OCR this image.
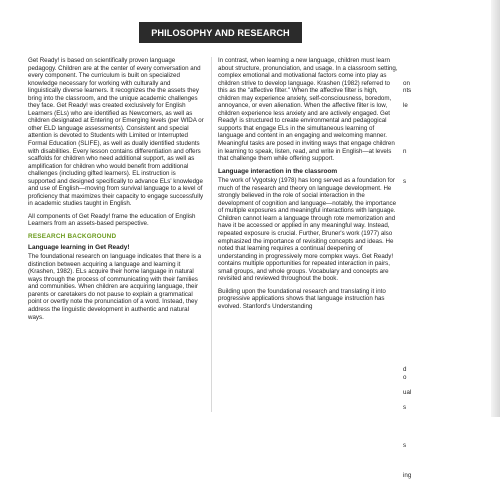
PHILOSOPHY AND RESEARCH

Get Ready! is based on scientifically proven language pedagogy. Children are at the center of every conversation and every component. The curriculum is built on specialized knowledge necessary for working with culturally and linguistically diverse learners. It recognizes the the assets they bring into the classroom, and the unique academic challenges they face. Get Ready! was created exclusively for English Learners (ELs) who are identified as Newcomers, as well as children designated at Entering or Emerging levels (per WIDA or other ELD language assessments). Consistent and special attention is devoted to Students with Limited or Interrupted Formal Education (SLIFE), as well as dually identified students with disabilities. Every lesson contains differentiation and offers scaffolds for children who need additional support, as well as amplification for children who would benefit from additional challenges (including gifted learners). EL instruction is supported and designed specifically to advance ELs' knowledge and use of English—moving from survival language to a level of proficiency that maximizes their capacity to engage successfully in academic studies taught in English.

All components of Get Ready! frame the education of English Learners from an assets-based perspective.

RESEARCH BACKGROUND
Language learning in Get Ready!

The foundational research on language indicates that there is a distinction between acquiring a language and learning it (Krashen, 1982). ELs acquire their home language in natural ways through the process of communicating with their families and communities. When children are acquiring language, their parents or caretakers do not pause to explain a grammatical point or overtly note the pronunciation of a word. Instead, they address the linguistic development in authentic and natural ways.

In contrast, when learning a new language, children must learn about structure, pronunciation, and usage. In a classroom setting, complex emotional and motivational factors come into play as children strive to develop language. Krashen (1982) referred to this as the "affective filter." When the affective filter is high, children may experience anxiety, self-consciousness, boredom, annoyance, or even alienation. When the affective filter is low, children experience less anxiety and are actively engaged. Get Ready! is structured to create environmental and pedagogical supports that engage ELs in the simultaneous learning of language and content in an engaging and welcoming manner. Meaningful tasks are posed in inviting ways that engage children in learning to speak, listen, read, and write in English—at levels that challenge them while offering support.

Language interaction in the classroom

The work of Vygotsky (1978) has long served as a foundation for much of the research and theory on language development. He strongly believed in the role of social interaction in the development of cognition and language—notably, the importance of multiple exposures and meaningful interactions with language. Children cannot learn a language through rote memorization and have it be accessed or applied in any meaningful way. Instead, repeated exposure is crucial. Further, Bruner's work (1977) also emphasized the importance of revisiting concepts and ideas. He noted that learning requires a continual deepening of understanding in progressively more complex ways. Get Ready! contains multiple opportunities for repeated interaction in pairs, small groups, and whole groups. Vocabulary and concepts are revisited and reviewed throughout the book.

Building upon the foundational research and translating it into progressive applications shows that language instruction has evolved. Stanford's Understanding

on
nts
le
n
s
d
o
ual
s
s
ing
